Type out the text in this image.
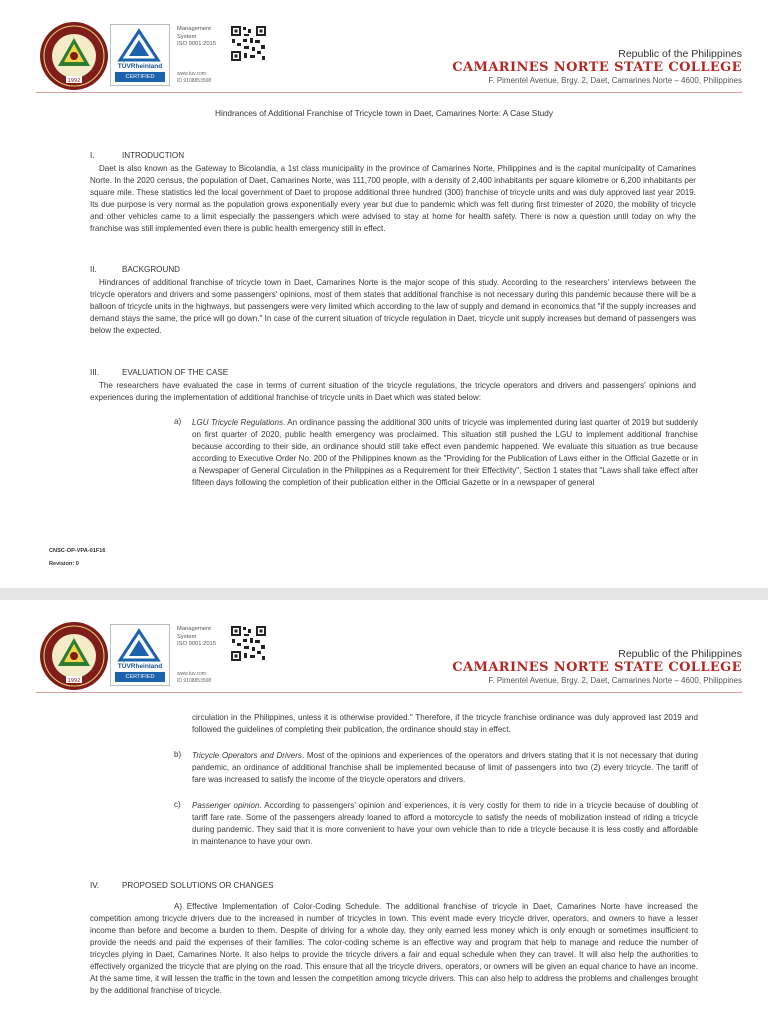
1992
TÜVRheinland
CERTIFIED
Management
System
ISO 9001:2015
www.tuv.com
ID 9108853508
Republic of the Philippines
CAMARINES NORTE STATE COLLEGE
F. Pimentel Avenue, Brgy. 2, Daet, Camarines Norte – 4600, Philippines
Hindrances of Additional Franchise of Tricycle town in Daet, Camarines Norte: A Case Study
I.	INTRODUCTION

Daet is also known as the Gateway to Bicolandia, a 1st class municipality in the province of Camarines Norte, Philippines and is the capital municipality of Camarines Norte. In the 2020 census, the population of Daet, Camarines Norte, was 111,700 people, with a density of 2,400 inhabitants per square kilometre or 6,200 inhabitants per square mile. These statistics led the local government of Daet to propose additional three hundred (300) franchise of tricycle units and was duly approved last year 2019. Its due purpose is very normal as the population grows exponentially every year but due to pandemic which was felt during first trimester of 2020, the mobility of tricycle and other vehicles came to a limit especially the passengers which were advised to stay at home for health safety. There is now a question until today on why the franchise was still implemented even there is public health emergency still in effect.

II.	BACKGROUND

Hindrances of additional franchise of tricycle town in Daet, Camarines Norte is the major scope of this study. According to the researchers' interviews between the tricycle operators and drivers and some passengers' opinions, most of them states that additional franchise is not necessary during this pandemic because there will be a balloon of tricycle units in the highways, but passengers were very limited which according to the law of supply and demand in economics that "if the supply increases and demand stays the same, the price will go down." In case of the current situation of tricycle regulation in Daet, tricycle unit supply increases but demand of passengers was below the expected.

III.	EVALUATION OF THE CASE

The researchers have evaluated the case in terms of current situation of the tricycle regulations, the tricycle operators and drivers and passengers' opinions and experiences during the implementation of additional franchise of tricycle units in Daet which was stated below:

a) LGU Tricycle Regulations. An ordinance passing the additional 300 units of tricycle was implemented during last quarter of 2019 but suddenly on first quarter of 2020, public health emergency was proclaimed. This situation still pushed the LGU to implement additional franchise because according to their side, an ordinance should still take effect even pandemic happened. We evaluate this situation as true because according to Executive Order No. 200 of the Philippines known as the "Providing for the Publication of Laws either in the Official Gazette or in a Newspaper of General Circulation in the Philippines as a Requirement for their Effectivity", Section 1 states that "Laws shall take effect after fifteen days following the completion of their publication either in the Official Gazette or in a newspaper of general

CNSC-OP-VPA-01F16
Revision: 0
1992
TÜVRheinland
CERTIFIED
Management
System
ISO 9001:2015
www.tuv.com
ID 9108853508
Republic of the Philippines
CAMARINES NORTE STATE COLLEGE
F. Pimentel Avenue, Brgy. 2, Daet, Camarines Norte – 4600, Philippines

circulation in the Philippines, unless it is otherwise provided." Therefore, if the tricycle franchise ordinance was duly approved last 2019 and followed the guidelines of completing their publication, the ordinance should stay in effect.

b) Tricycle Operators and Drivers. Most of the opinions and experiences of the operators and drivers stating that it is not necessary that during pandemic, an ordinance of additional franchise shall be implemented because of limit of passengers into two (2) every tricycle. The tariff of fare was increased to satisfy the income of the tricycle operators and drivers.

c) Passenger opinion. According to passengers' opinion and experiences, it is very costly for them to ride in a tricycle because of doubling of tariff fare rate. Some of the passengers already loaned to afford a motorcycle to satisfy the needs of mobilization instead of riding a tricycle during pandemic. They said that it is more convenient to have your own vehicle than to ride a tricycle because it is less costly and affordable in maintenance to have your own.

IV.	PROPOSED SOLUTIONS OR CHANGES

A) Effective Implementation of Color-Coding Schedule. The additional franchise of tricycle in Daet, Camarines Norte have increased the competition among tricycle drivers due to the increased in number of tricycles in town. This event made every tricycle driver, operators, and owners to have a lesser income than before and become a burden to them. Despite of driving for a whole day, they only earned less money which is only enough or sometimes insufficient to provide the needs and paid the expenses of their families. The color-coding scheme is an effective way and program that help to manage and reduce the number of tricycles plying in Daet, Camarines Norte. It also helps to provide the tricycle drivers a fair and equal schedule when they can travel. It will also help the authorities to effectively organized the tricycle that are plying on the road. This ensure that all the tricycle drivers, operators, or owners will be given an equal chance to have an income. At the same time, it will lessen the traffic in the town and lessen the competition among tricycle drivers. This can also help to address the problems and challenges brought by the additional franchise of tricycle.
